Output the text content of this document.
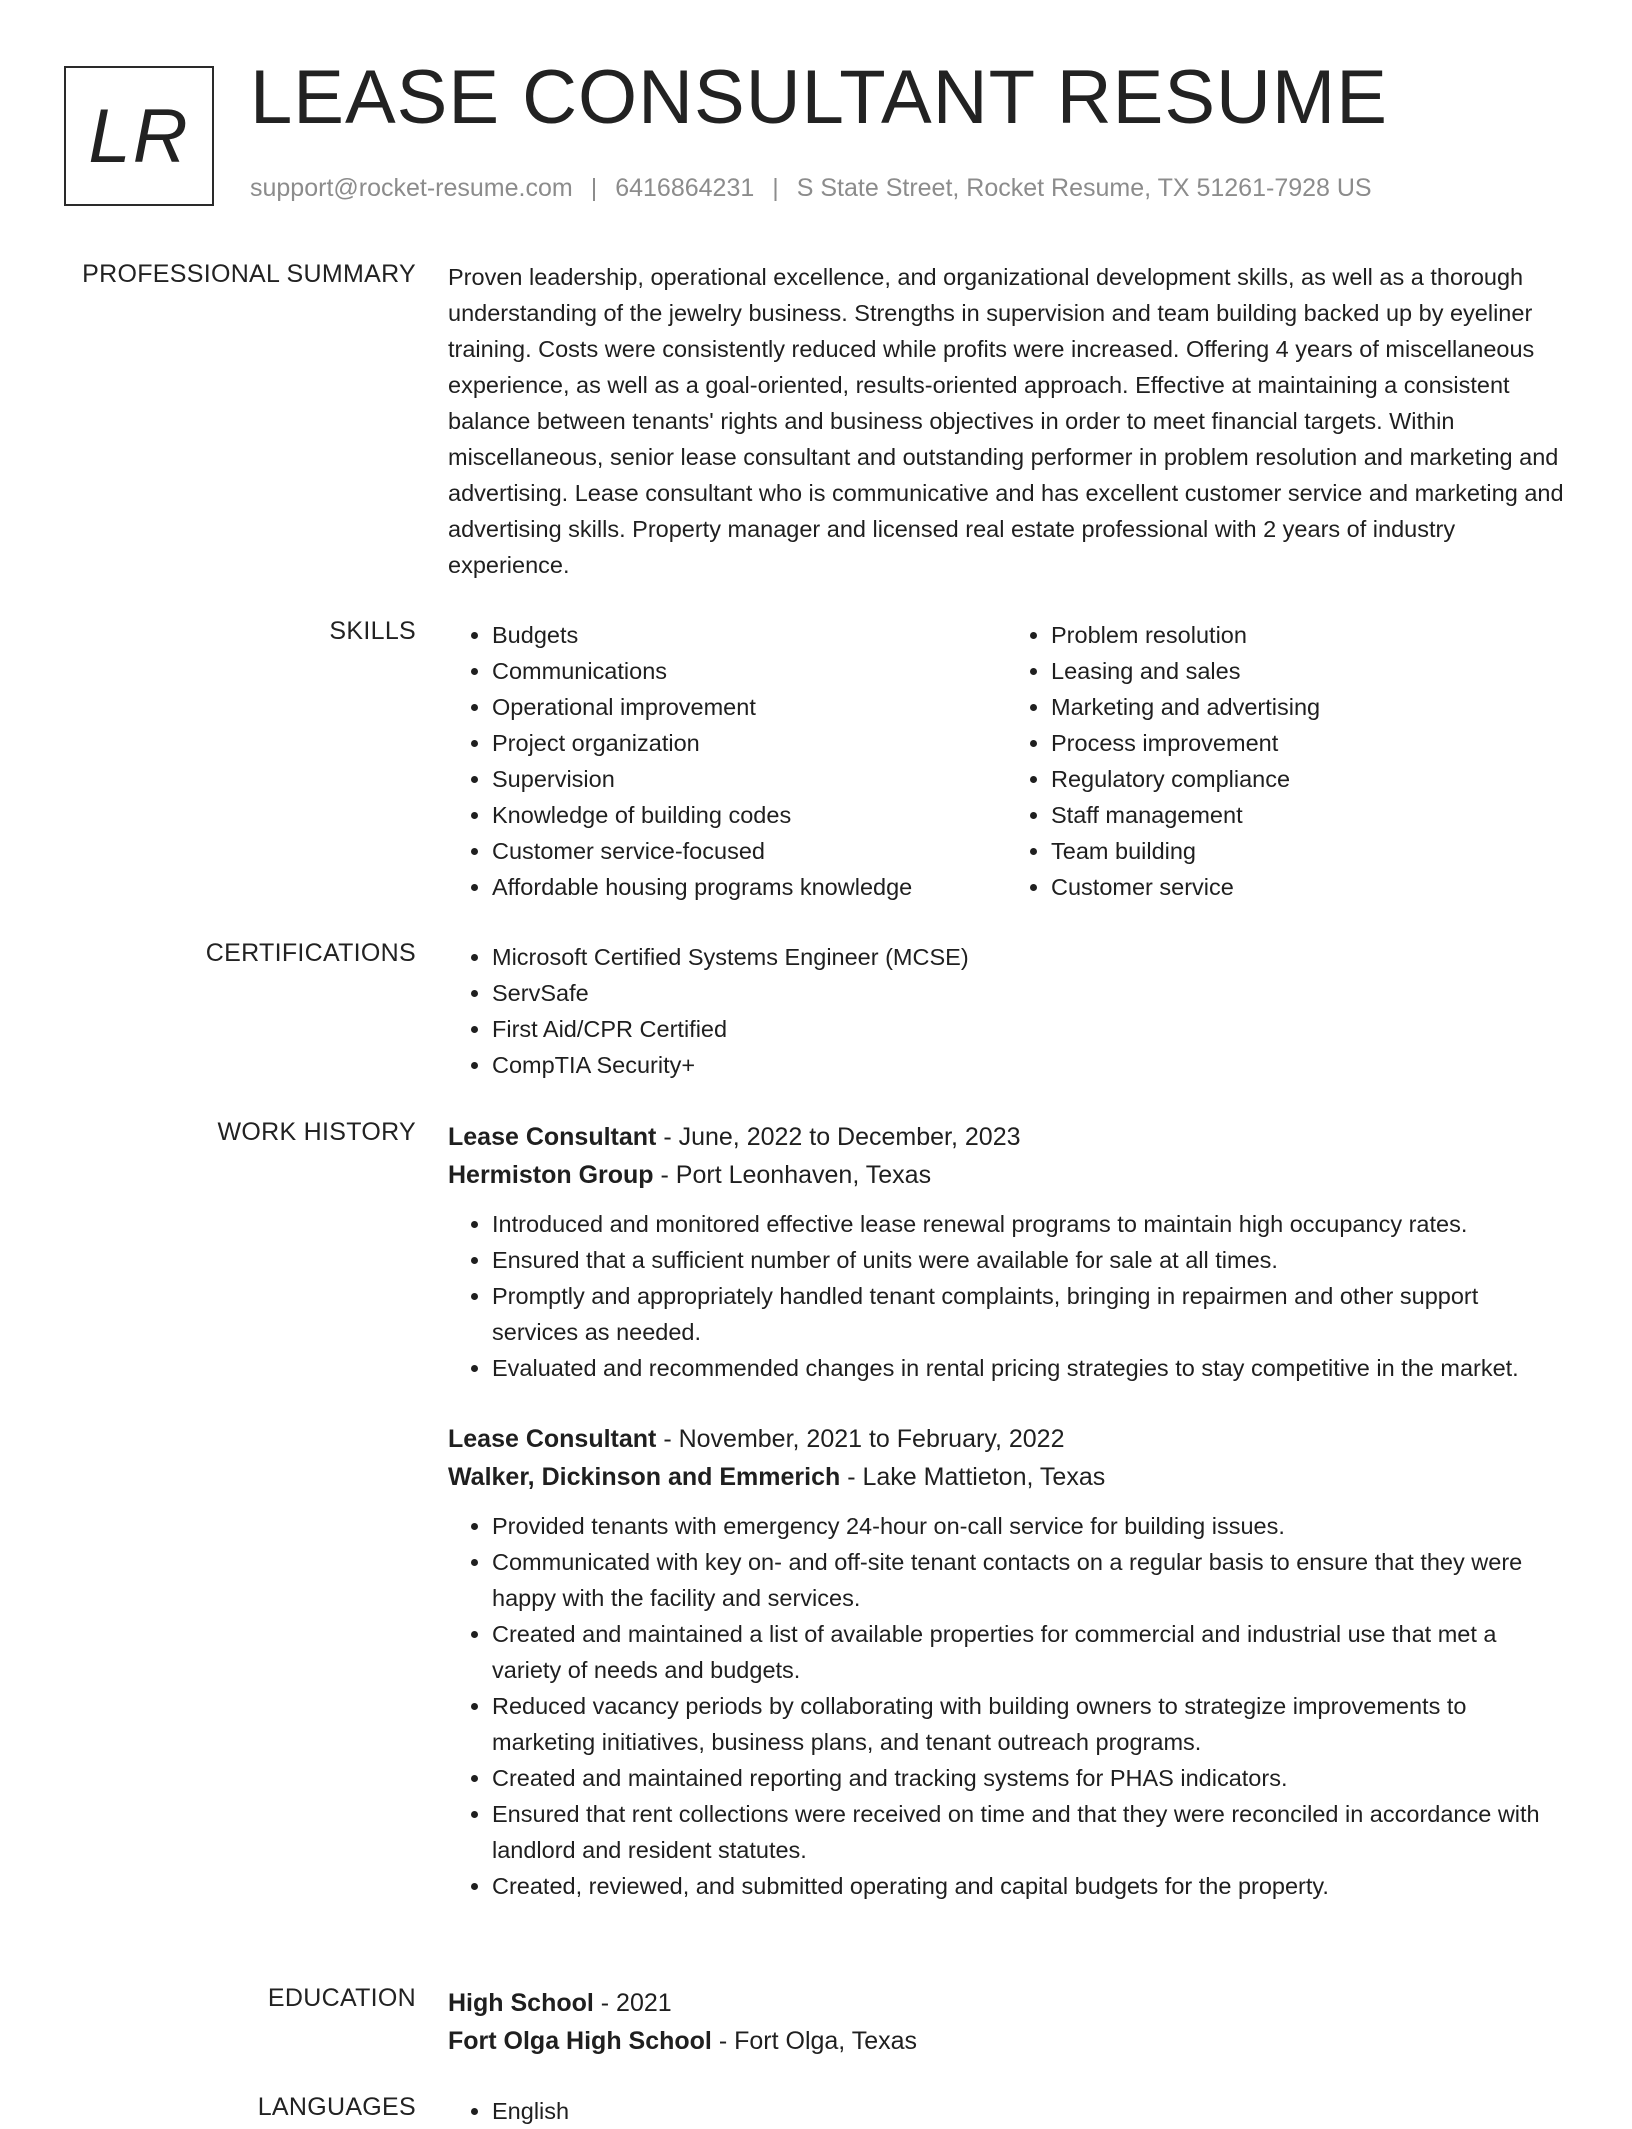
LR LEASE CONSULTANT RESUME
support@rocket-resume.com | 6416864231 | S State Street, Rocket Resume, TX 51261-7928 US
PROFESSIONAL SUMMARY Proven leadership, operational excellence, and organizational development skills, as well as a thorough understanding of the jewelry business. Strengths in supervision and team building backed up by eyeliner training. Costs were consistently reduced while profits were increased. Offering 4 years of miscellaneous experience, as well as a goal-oriented, results-oriented approach. Effective at maintaining a consistent balance between tenants' rights and business objectives in order to meet financial targets. Within miscellaneous, senior lease consultant and outstanding performer in problem resolution and marketing and advertising. Lease consultant who is communicative and has excellent customer service and marketing and advertising skills. Property manager and licensed real estate professional with 2 years of industry experience.

SKILLS	• Budgets
• Communications
• Operational improvement
• Project organization
• Supervision
• Knowledge of building codes
• Customer service-focused
• Affordable housing programs knowledge
• Problem resolution
• Leasing and sales
• Marketing and advertising
• Process improvement
• Regulatory compliance
• Staff management
• Team building
• Customer service
CERTIFICATIONS	• Microsoft Certified Systems Engineer (MCSE)
• ServSafe
• First Aid/CPR Certified
• CompTIA Security+
WORK HISTORY Lease Consultant - June, 2022 to December, 2023
Hermiston Group - Port Leonhaven, Texas
• Introduced and monitored effective lease renewal programs to maintain high occupancy rates.
• Ensured that a sufficient number of units were available for sale at all times.
• Promptly and appropriately handled tenant complaints, bringing in repairmen and other support services as needed.
• Evaluated and recommended changes in rental pricing strategies to stay competitive in the market.
Lease Consultant - November, 2021 to February, 2022
Walker, Dickinson and Emmerich - Lake Mattieton, Texas
• Provided tenants with emergency 24-hour on-call service for building issues.
• Communicated with key on- and off-site tenant contacts on a regular basis to ensure that they were happy with the facility and services.
• Created and maintained a list of available properties for commercial and industrial use that met a variety of needs and budgets.
• Reduced vacancy periods by collaborating with building owners to strategize improvements to marketing initiatives, business plans, and tenant outreach programs.
• Created and maintained reporting and tracking systems for PHAS indicators.
• Ensured that rent collections were received on time and that they were reconciled in accordance with landlord and resident statutes.
• Created, reviewed, and submitted operating and capital budgets for the property.
EDUCATION High School - 2021
Fort Olga High School - Fort Olga, Texas
LANGUAGES	• English
